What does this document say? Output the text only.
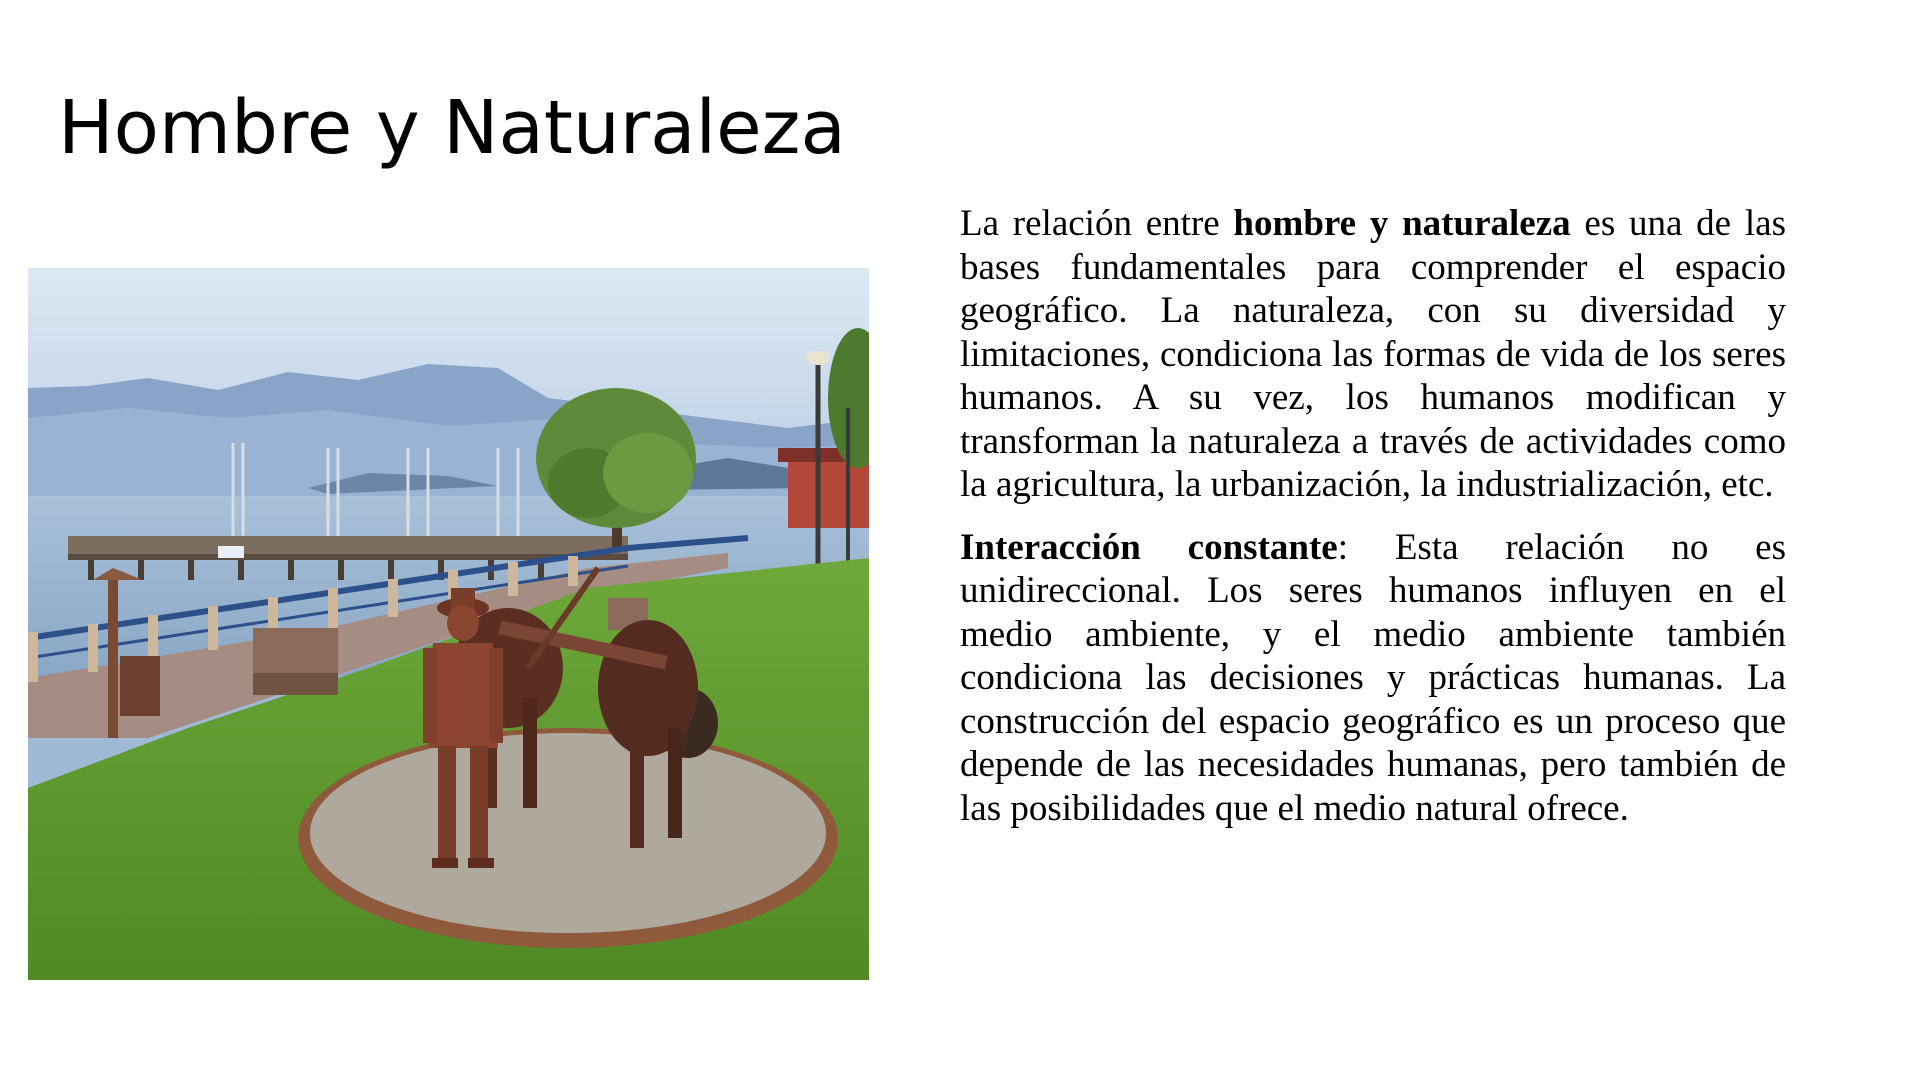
Hombre y Naturaleza

La relación entre hombre y naturaleza es una de las bases fundamentales para comprender el espacio geográfico. La naturaleza, con su diversidad y limitaciones, condiciona las formas de vida de los seres humanos. A su vez, los humanos modifican y transforman la naturaleza a través de actividades como la agricultura, la urbanización, la industrialización, etc.

Interacción constante: Esta relación no es unidireccional. Los seres humanos influyen en el medio ambiente, y el medio ambiente también condiciona las decisiones y prácticas humanas. La construcción del espacio geográfico es un proceso que depende de las necesidades humanas, pero también de las posibilidades que el medio natural ofrece.
